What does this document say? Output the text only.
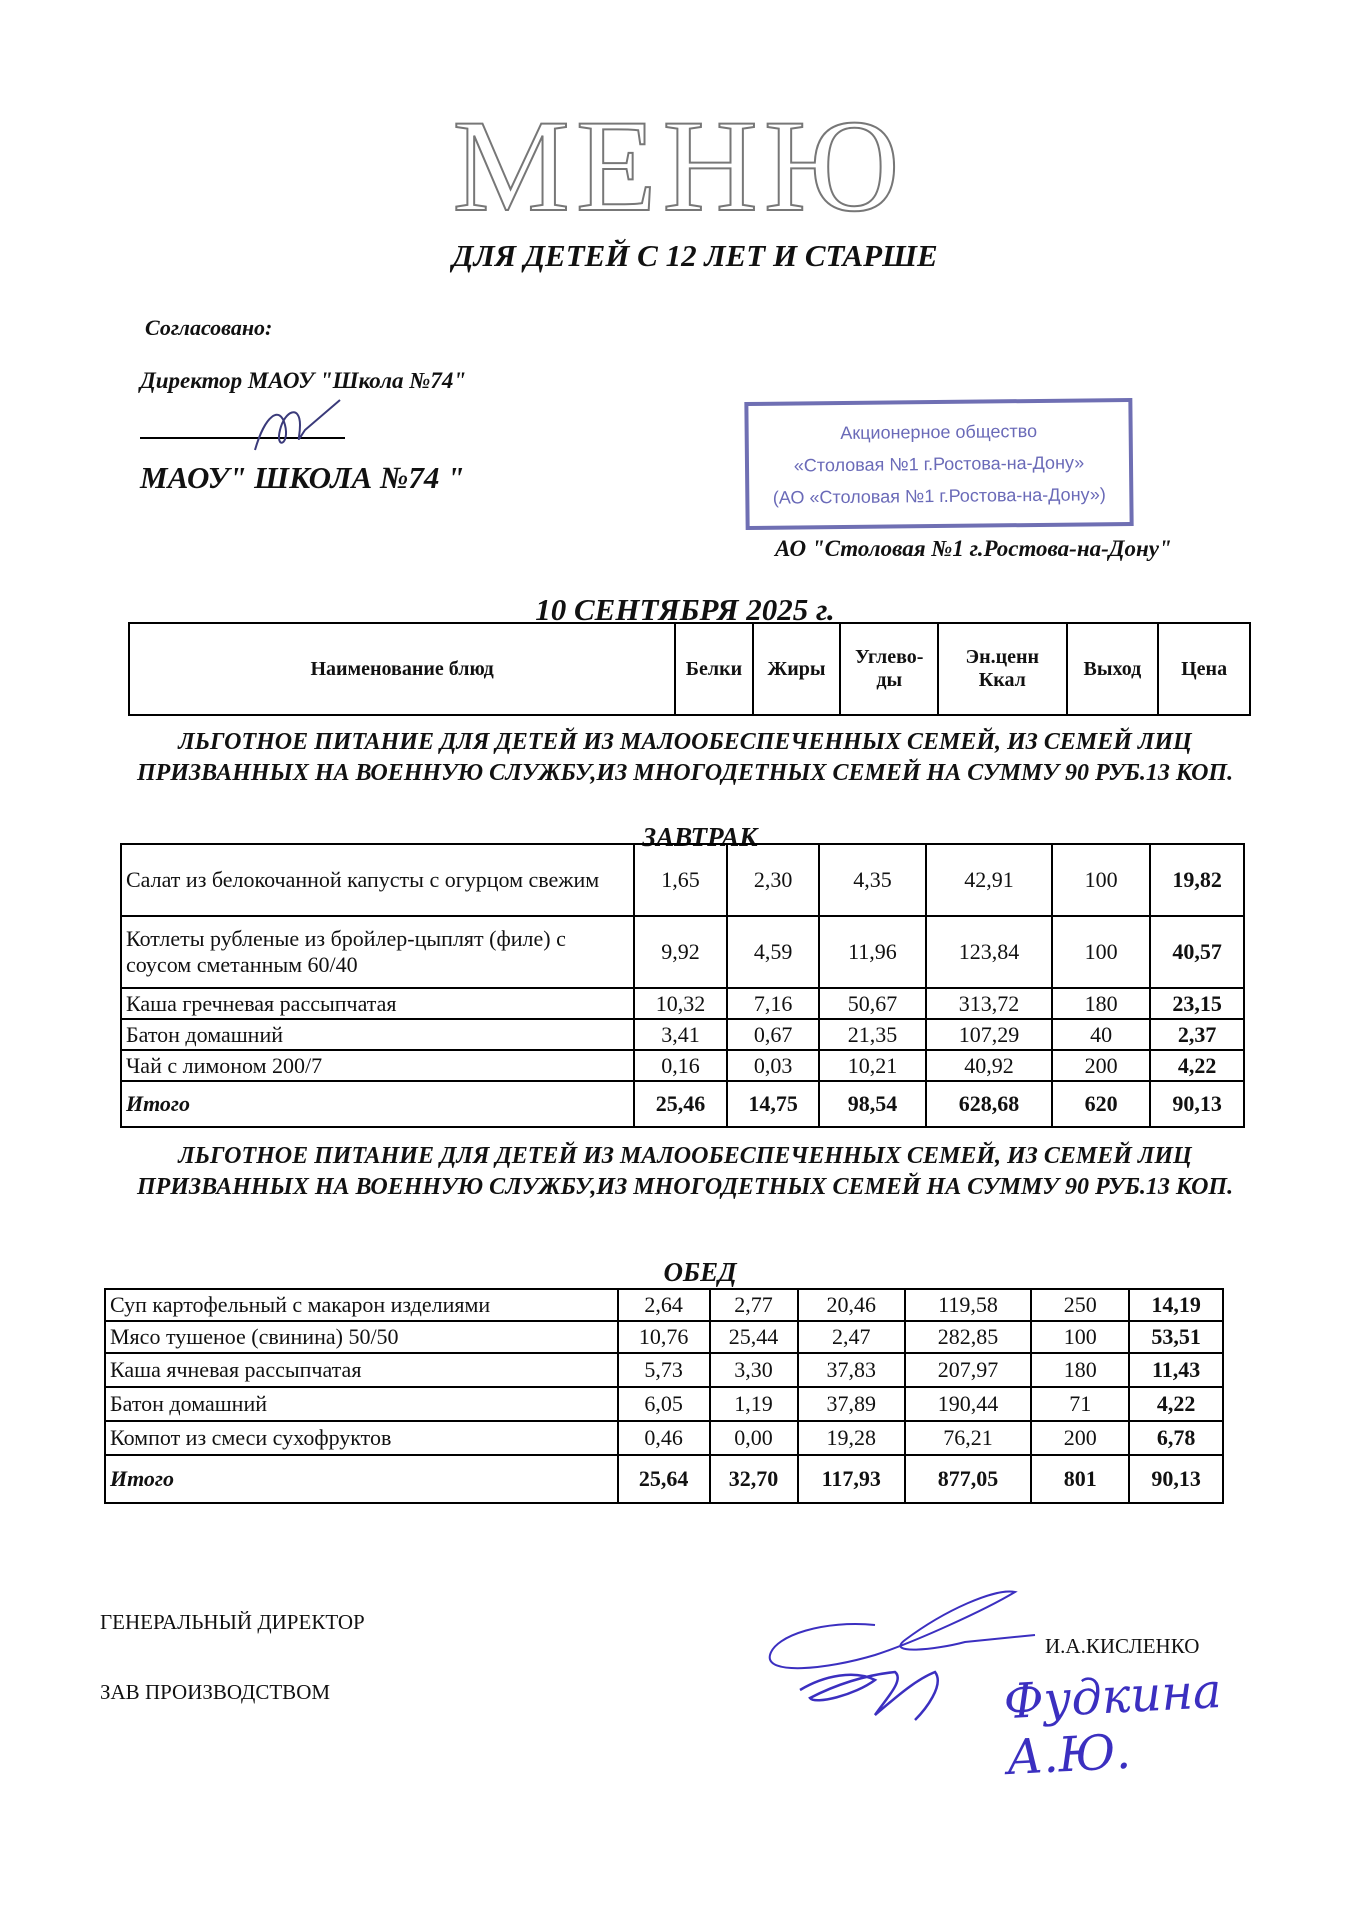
МЕНЮ
ДЛЯ ДЕТЕЙ С 12 ЛЕТ И СТАРШЕ
Согласовано:
Директор МАОУ "Школа №74"
МАОУ" ШКОЛА №74 "
Акционерное общество
«Столовая №1 г.Ростова-на-Дону»
(АО «Столовая №1 г.Ростова-на-Дону»)
АО "Столовая №1 г.Ростова-на-Дону"
10 СЕНТЯБРЯ 2025 г.
Наименование блюд	Белки	Жиры	Углево-ды	Эн.ценн Ккал	Выход	Цена
ЛЬГОТНОЕ ПИТАНИЕ ДЛЯ ДЕТЕЙ ИЗ МАЛООБЕСПЕЧЕННЫХ СЕМЕЙ, ИЗ СЕМЕЙ ЛИЦ ПРИЗВАННЫХ НА ВОЕННУЮ СЛУЖБУ,ИЗ МНОГОДЕТНЫХ СЕМЕЙ НА СУММУ 90 РУБ.13 КОП.
ЗАВТРАК
Салат из белокочанной капусты с огурцом свежим	1,65	2,30	4,35	42,91	100	19,82
Котлеты рубленые из бройлер-цыплят (филе) с соусом сметанным 60/40	9,92	4,59	11,96	123,84	100	40,57
Каша гречневая рассыпчатая	10,32	7,16	50,67	313,72	180	23,15
Батон домашний	3,41	0,67	21,35	107,29	40	2,37
Чай с лимоном 200/7	0,16	0,03	10,21	40,92	200	4,22
Итого	25,46	14,75	98,54	628,68	620	90,13
ЛЬГОТНОЕ ПИТАНИЕ ДЛЯ ДЕТЕЙ ИЗ МАЛООБЕСПЕЧЕННЫХ СЕМЕЙ, ИЗ СЕМЕЙ ЛИЦ ПРИЗВАННЫХ НА ВОЕННУЮ СЛУЖБУ,ИЗ МНОГОДЕТНЫХ СЕМЕЙ НА СУММУ 90 РУБ.13 КОП.
ОБЕД
Суп картофельный с макарон изделиями	2,64	2,77	20,46	119,58	250	14,19
Мясо тушеное (свинина) 50/50	10,76	25,44	2,47	282,85	100	53,51
Каша ячневая рассыпчатая	5,73	3,30	37,83	207,97	180	11,43
Батон домашний	6,05	1,19	37,89	190,44	71	4,22
Компот из смеси сухофруктов	0,46	0,00	19,28	76,21	200	6,78
Итого	25,64	32,70	117,93	877,05	801	90,13
ГЕНЕРАЛЬНЫЙ ДИРЕКТОР
И.А.КИСЛЕНКО
ЗАВ ПРОИЗВОДСТВОМ	Фудкина А.Ю.
